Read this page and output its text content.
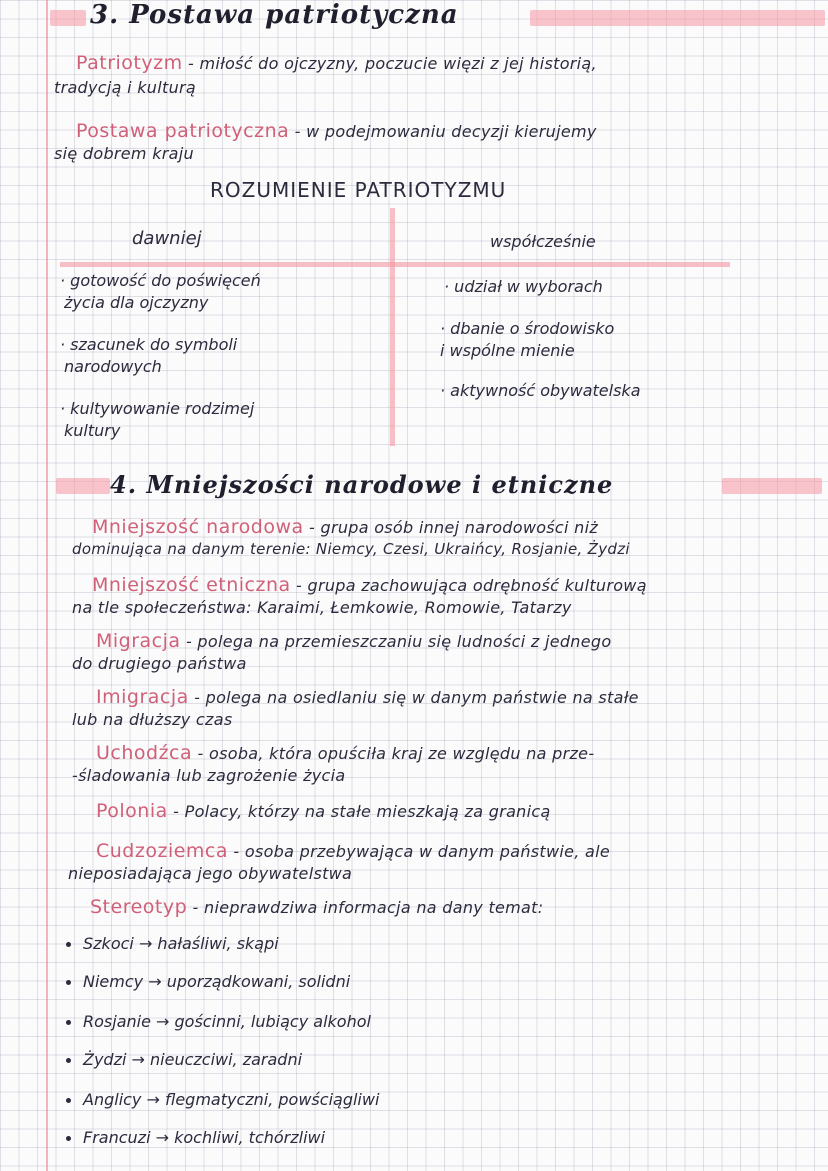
3. Postawa patriotyczna
Patriotyzm - miłość do ojczyzny, poczucie więzi z jej historią,
tradycją i kulturą
Postawa patriotyczna - w podejmowaniu decyzji kierujemy
się dobrem kraju
ROZUMIENIE PATRIOTYZMU
dawniej	współcześnie
· gotowość do poświęceń
życia dla ojczyzny
· szacunek do symboli
narodowych
· kultywowanie rodzimej
kultury
· udział w wyborach
· dbanie o środowisko
i wspólne mienie
· aktywność obywatelska
4. Mniejszości narodowe i etniczne
Mniejszość narodowa - grupa osób innej narodowości niż
dominująca na danym terenie: Niemcy, Czesi, Ukraińcy, Rosjanie, Żydzi
Mniejszość etniczna - grupa zachowująca odrębność kulturową
na tle społeczeństwa: Karaimi, Łemkowie, Romowie, Tatarzy
Migracja - polega na przemieszczaniu się ludności z jednego
do drugiego państwa
Imigracja - polega na osiedlaniu się w danym państwie na stałe
lub na dłuższy czas
Uchodźca - osoba, która opuściła kraj ze względu na prze-
-śladowania lub zagrożenie życia
Polonia - Polacy, którzy na stałe mieszkają za granicą
Cudzoziemca - osoba przebywająca w danym państwie, ale
nieposiadająca jego obywatelstwa
Stereotyp - nieprawdziwa informacja na dany temat:
Szkoci → hałaśliwi, skąpi
Niemcy → uporządkowani, solidni
Rosjanie → gościnni, lubiący alkohol
Żydzi → nieuczciwi, zaradni
Anglicy → flegmatyczni, powściągliwi
Francuzi → kochliwi, tchórzliwi
